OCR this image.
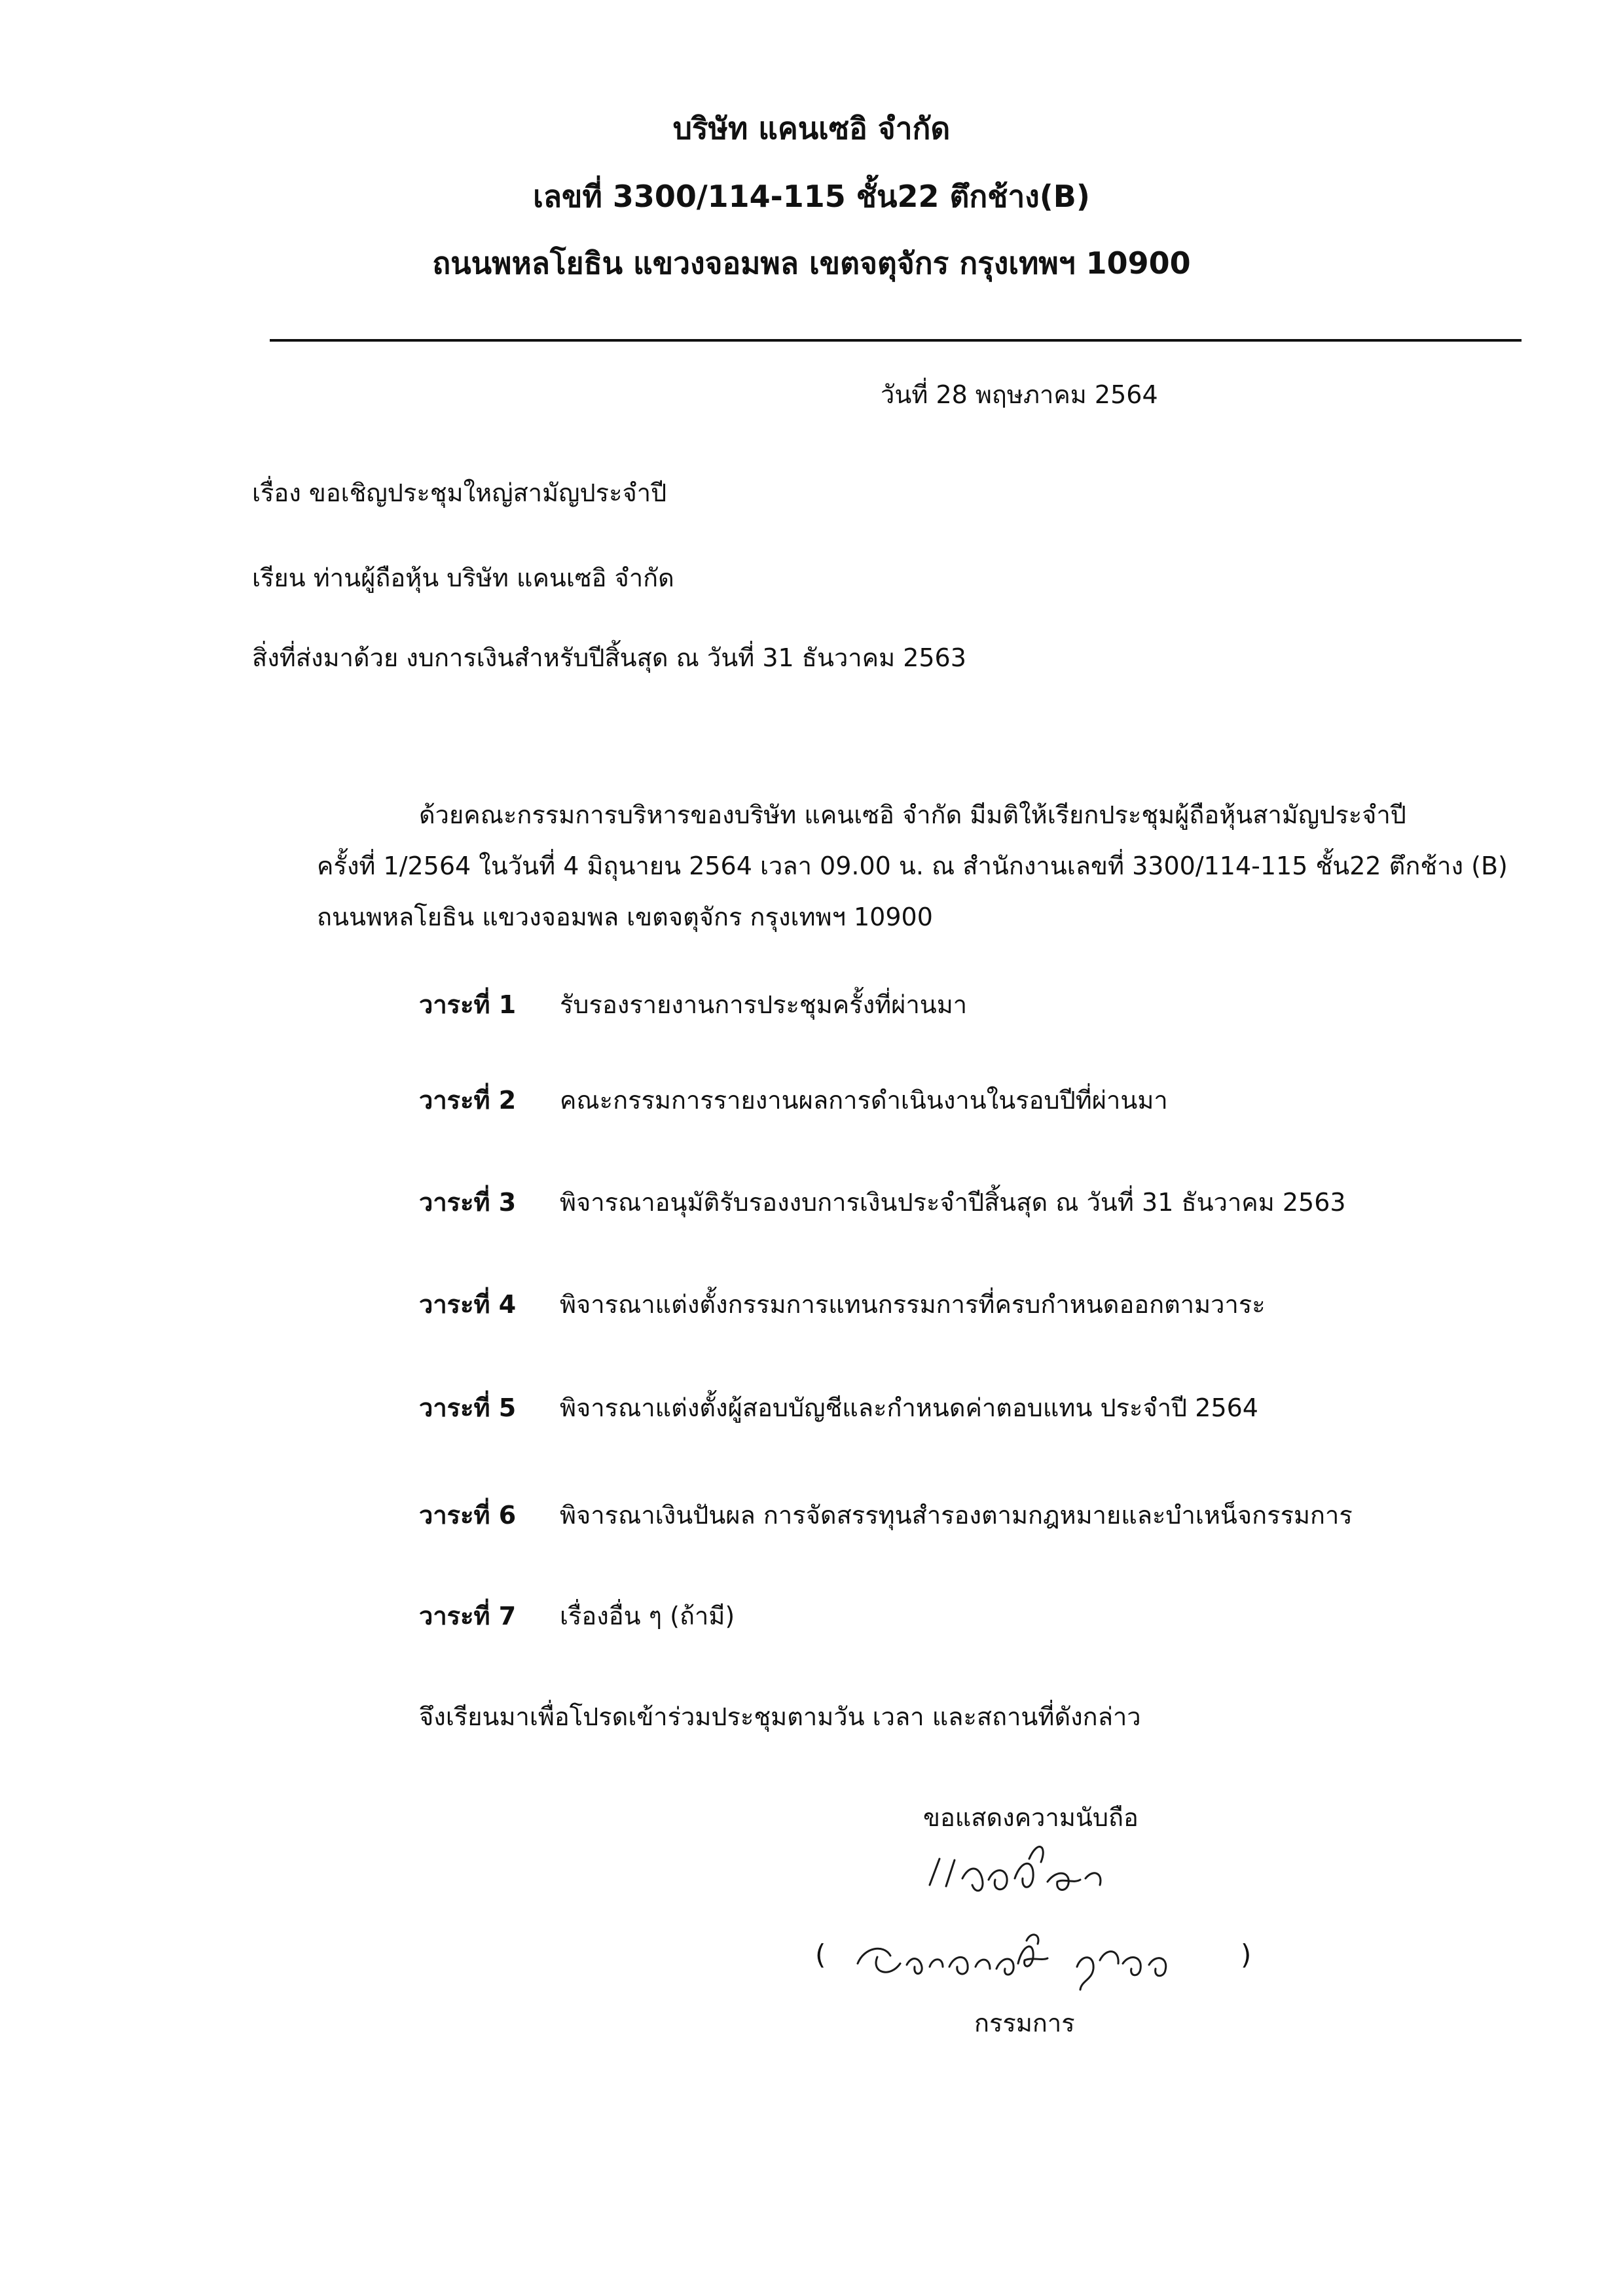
บริษัท แคนเซอิ จำกัด
เลขที่ 3300/114-115 ชั้น22 ตึกช้าง(B)
ถนนพหลโยธิน แขวงจอมพล เขตจตุจักร กรุงเทพฯ 10900
วันที่ 28 พฤษภาคม 2564
เรื่อง ขอเชิญประชุมใหญ่สามัญประจำปี
เรียน ท่านผู้ถือหุ้น บริษัท แคนเซอิ จำกัด
สิ่งที่ส่งมาด้วย งบการเงินสำหรับปีสิ้นสุด ณ วันที่ 31 ธันวาคม 2563
ด้วยคณะกรรมการบริหารของบริษัท แคนเซอิ จำกัด มีมติให้เรียกประชุมผู้ถือหุ้นสามัญประจำปี
ครั้งที่ 1/2564 ในวันที่ 4 มิถุนายน 2564 เวลา 09.00 น. ณ สำนักงานเลขที่ 3300/114-115 ชั้น22 ตึกช้าง (B)
ถนนพหลโยธิน แขวงจอมพล เขตจตุจักร กรุงเทพฯ 10900
วาระที่ 1 รับรองรายงานการประชุมครั้งที่ผ่านมา
วาระที่ 2 คณะกรรมการรายงานผลการดำเนินงานในรอบปีที่ผ่านมา
วาระที่ 3 พิจารณาอนุมัติรับรองงบการเงินประจำปีสิ้นสุด ณ วันที่ 31 ธันวาคม 2563
วาระที่ 4 พิจารณาแต่งตั้งกรรมการแทนกรรมการที่ครบกำหนดออกตามวาระ
วาระที่ 5 พิจารณาแต่งตั้งผู้สอบบัญชีและกำหนดค่าตอบแทน ประจำปี 2564
วาระที่ 6 พิจารณาเงินปันผล การจัดสรรทุนสำรองตามกฎหมายและบำเหน็จกรรมการ
วาระที่ 7 เรื่องอื่น ๆ (ถ้ามี)
จึงเรียนมาเพื่อโปรดเข้าร่วมประชุมตามวัน เวลา และสถานที่ดังกล่าว
ขอแสดงความนับถือ
(	)
กรรมการ
